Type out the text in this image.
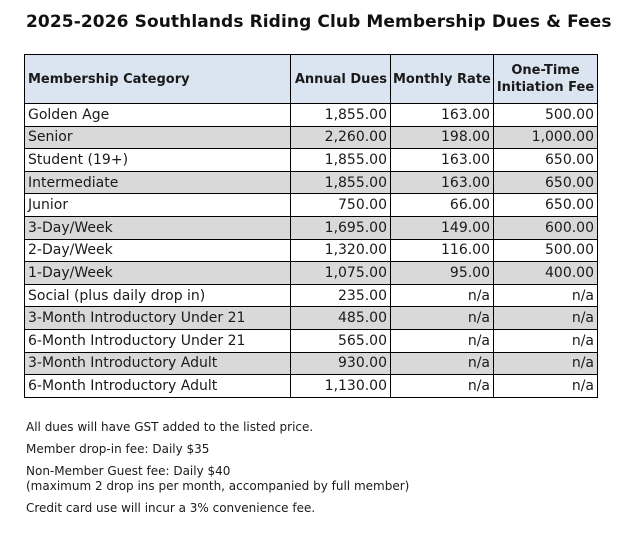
2025-2026 Southlands Riding Club Membership Dues & Fees
Membership Category	Annual Dues	Monthly Rate	One-Time
Initiation Fee
Golden Age	1,855.00	163.00	500.00
Senior	2,260.00	198.00	1,000.00
Student (19+)	1,855.00	163.00	650.00
Intermediate	1,855.00	163.00	650.00
Junior	750.00	66.00	650.00
3-Day/Week	1,695.00	149.00	600.00
2-Day/Week	1,320.00	116.00	500.00
1-Day/Week	1,075.00	95.00	400.00
Social (plus daily drop in)	235.00	n/a	n/a
3-Month Introductory Under 21	485.00	n/a	n/a
6-Month Introductory Under 21	565.00	n/a	n/a
3-Month Introductory Adult	930.00	n/a	n/a
6-Month Introductory Adult	1,130.00	n/a	n/a

All dues will have GST added to the listed price.

Member drop-in fee: Daily $35

Non-Member Guest fee: Daily $40

(maximum 2 drop ins per month, accompanied by full member)

Credit card use will incur a 3% convenience fee.
